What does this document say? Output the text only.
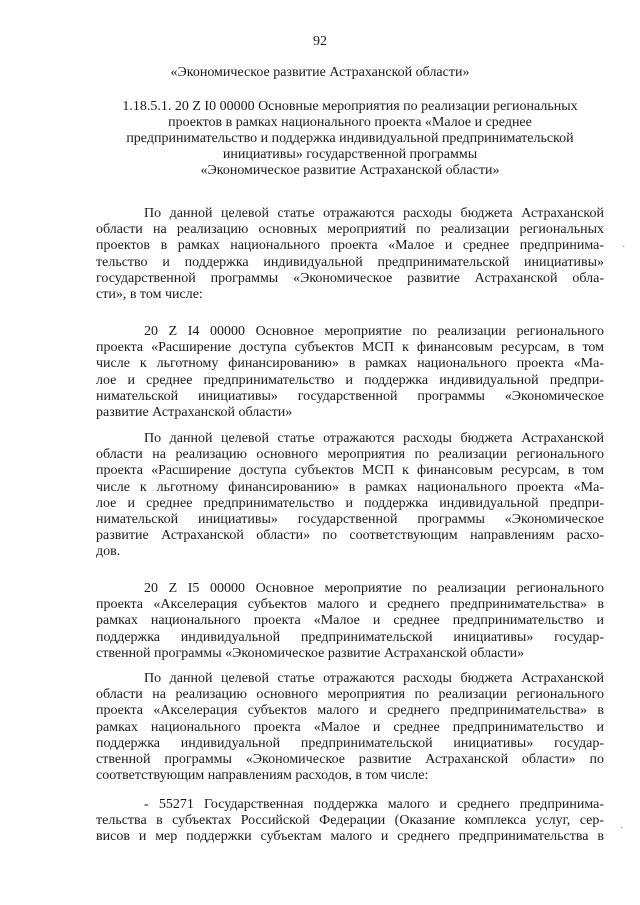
92
«Экономическое развитие Астраханской области»
1.18.5.1. 20 Z I0 00000 Основные мероприятия по реализации региональных
проектов в рамках национального проекта «Малое и среднее
предпринимательство и поддержка индивидуальной предпринимательской
инициативы» государственной программы
«Экономическое развитие Астраханской области»
По данной целевой статье отражаются расходы бюджета Астраханской
области на реализацию основных мероприятий по реализации региональных
проектов в рамках национального проекта «Малое и среднее предпринима-
тельство и поддержка индивидуальной предпринимательской инициативы»
государственной программы «Экономическое развитие Астраханской обла-
сти», в том числе:
20 Z I4 00000 Основное мероприятие по реализации регионального
проекта «Расширение доступа субъектов МСП к финансовым ресурсам, в том
числе к льготному финансированию» в рамках национального проекта «Ма-
лое и среднее предпринимательство и поддержка индивидуальной предпри-
нимательской инициативы» государственной программы «Экономическое
развитие Астраханской области»
По данной целевой статье отражаются расходы бюджета Астраханской
области на реализацию основного мероприятия по реализации регионального
проекта «Расширение доступа субъектов МСП к финансовым ресурсам, в том
числе к льготному финансированию» в рамках национального проекта «Ма-
лое и среднее предпринимательство и поддержка индивидуальной предпри-
нимательской инициативы» государственной программы «Экономическое
развитие Астраханской области» по соответствующим направлениям расхо-
дов.
20 Z I5 00000 Основное мероприятие по реализации регионального
проекта «Акселерация субъектов малого и среднего предпринимательства» в
рамках национального проекта «Малое и среднее предпринимательство и
поддержка индивидуальной предпринимательской инициативы» государ-
ственной программы «Экономическое развитие Астраханской области»
По данной целевой статье отражаются расходы бюджета Астраханской
области на реализацию основного мероприятия по реализации регионального
проекта «Акселерация субъектов малого и среднего предпринимательства» в
рамках национального проекта «Малое и среднее предпринимательство и
поддержка индивидуальной предпринимательской инициативы» государ-
ственной программы «Экономическое развитие Астраханской области» по
соответствующим направлениям расходов, в том числе:
- 55271 Государственная поддержка малого и среднего предпринима-
тельства в субъектах Российской Федерации (Оказание комплекса услуг, сер-
висов и мер поддержки субъектам малого и среднего предпринимательства в
·
·
